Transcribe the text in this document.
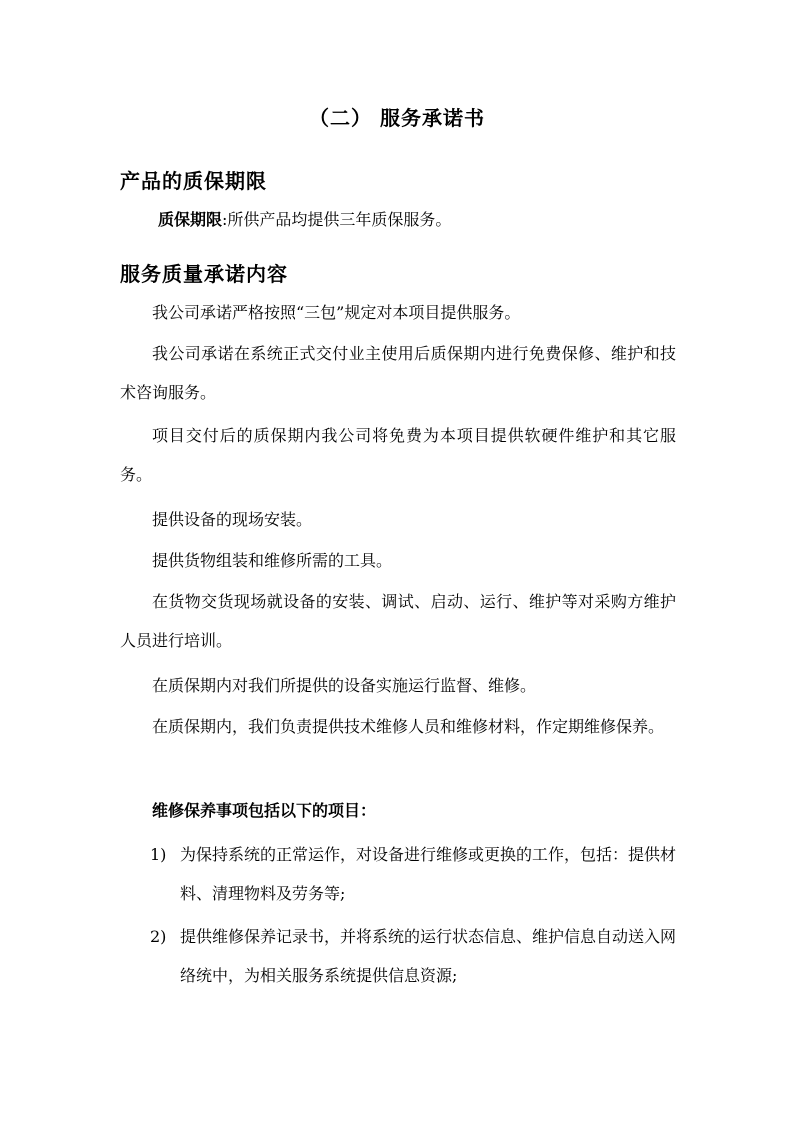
（二） 服务承诺书
产品的质保期限
质保期限:所供产品均提供三年质保服务。
服务质量承诺内容
我公司承诺严格按照“三包”规定对本项目提供服务。
我公司承诺在系统正式交付业主使用后质保期内进行免费保修、维护和技术咨询服务。
项目交付后的质保期内我公司将免费为本项目提供软硬件维护和其它服务。
提供设备的现场安装。
提供货物组装和维修所需的工具。
在货物交货现场就设备的安装、调试、启动、运行、维护等对采购方维护人员进行培训。
在质保期内对我们所提供的设备实施运行监督、维修。
在质保期内，我们负责提供技术维修人员和维修材料，作定期维修保养。
维修保养事项包括以下的项目：
1) 为保持系统的正常运作，对设备进行维修或更换的工作，包括：提供材料、清理物料及劳务等;
2) 提供维修保养记录书，并将系统的运行状态信息、维护信息自动送入网络统中，为相关服务系统提供信息资源;
